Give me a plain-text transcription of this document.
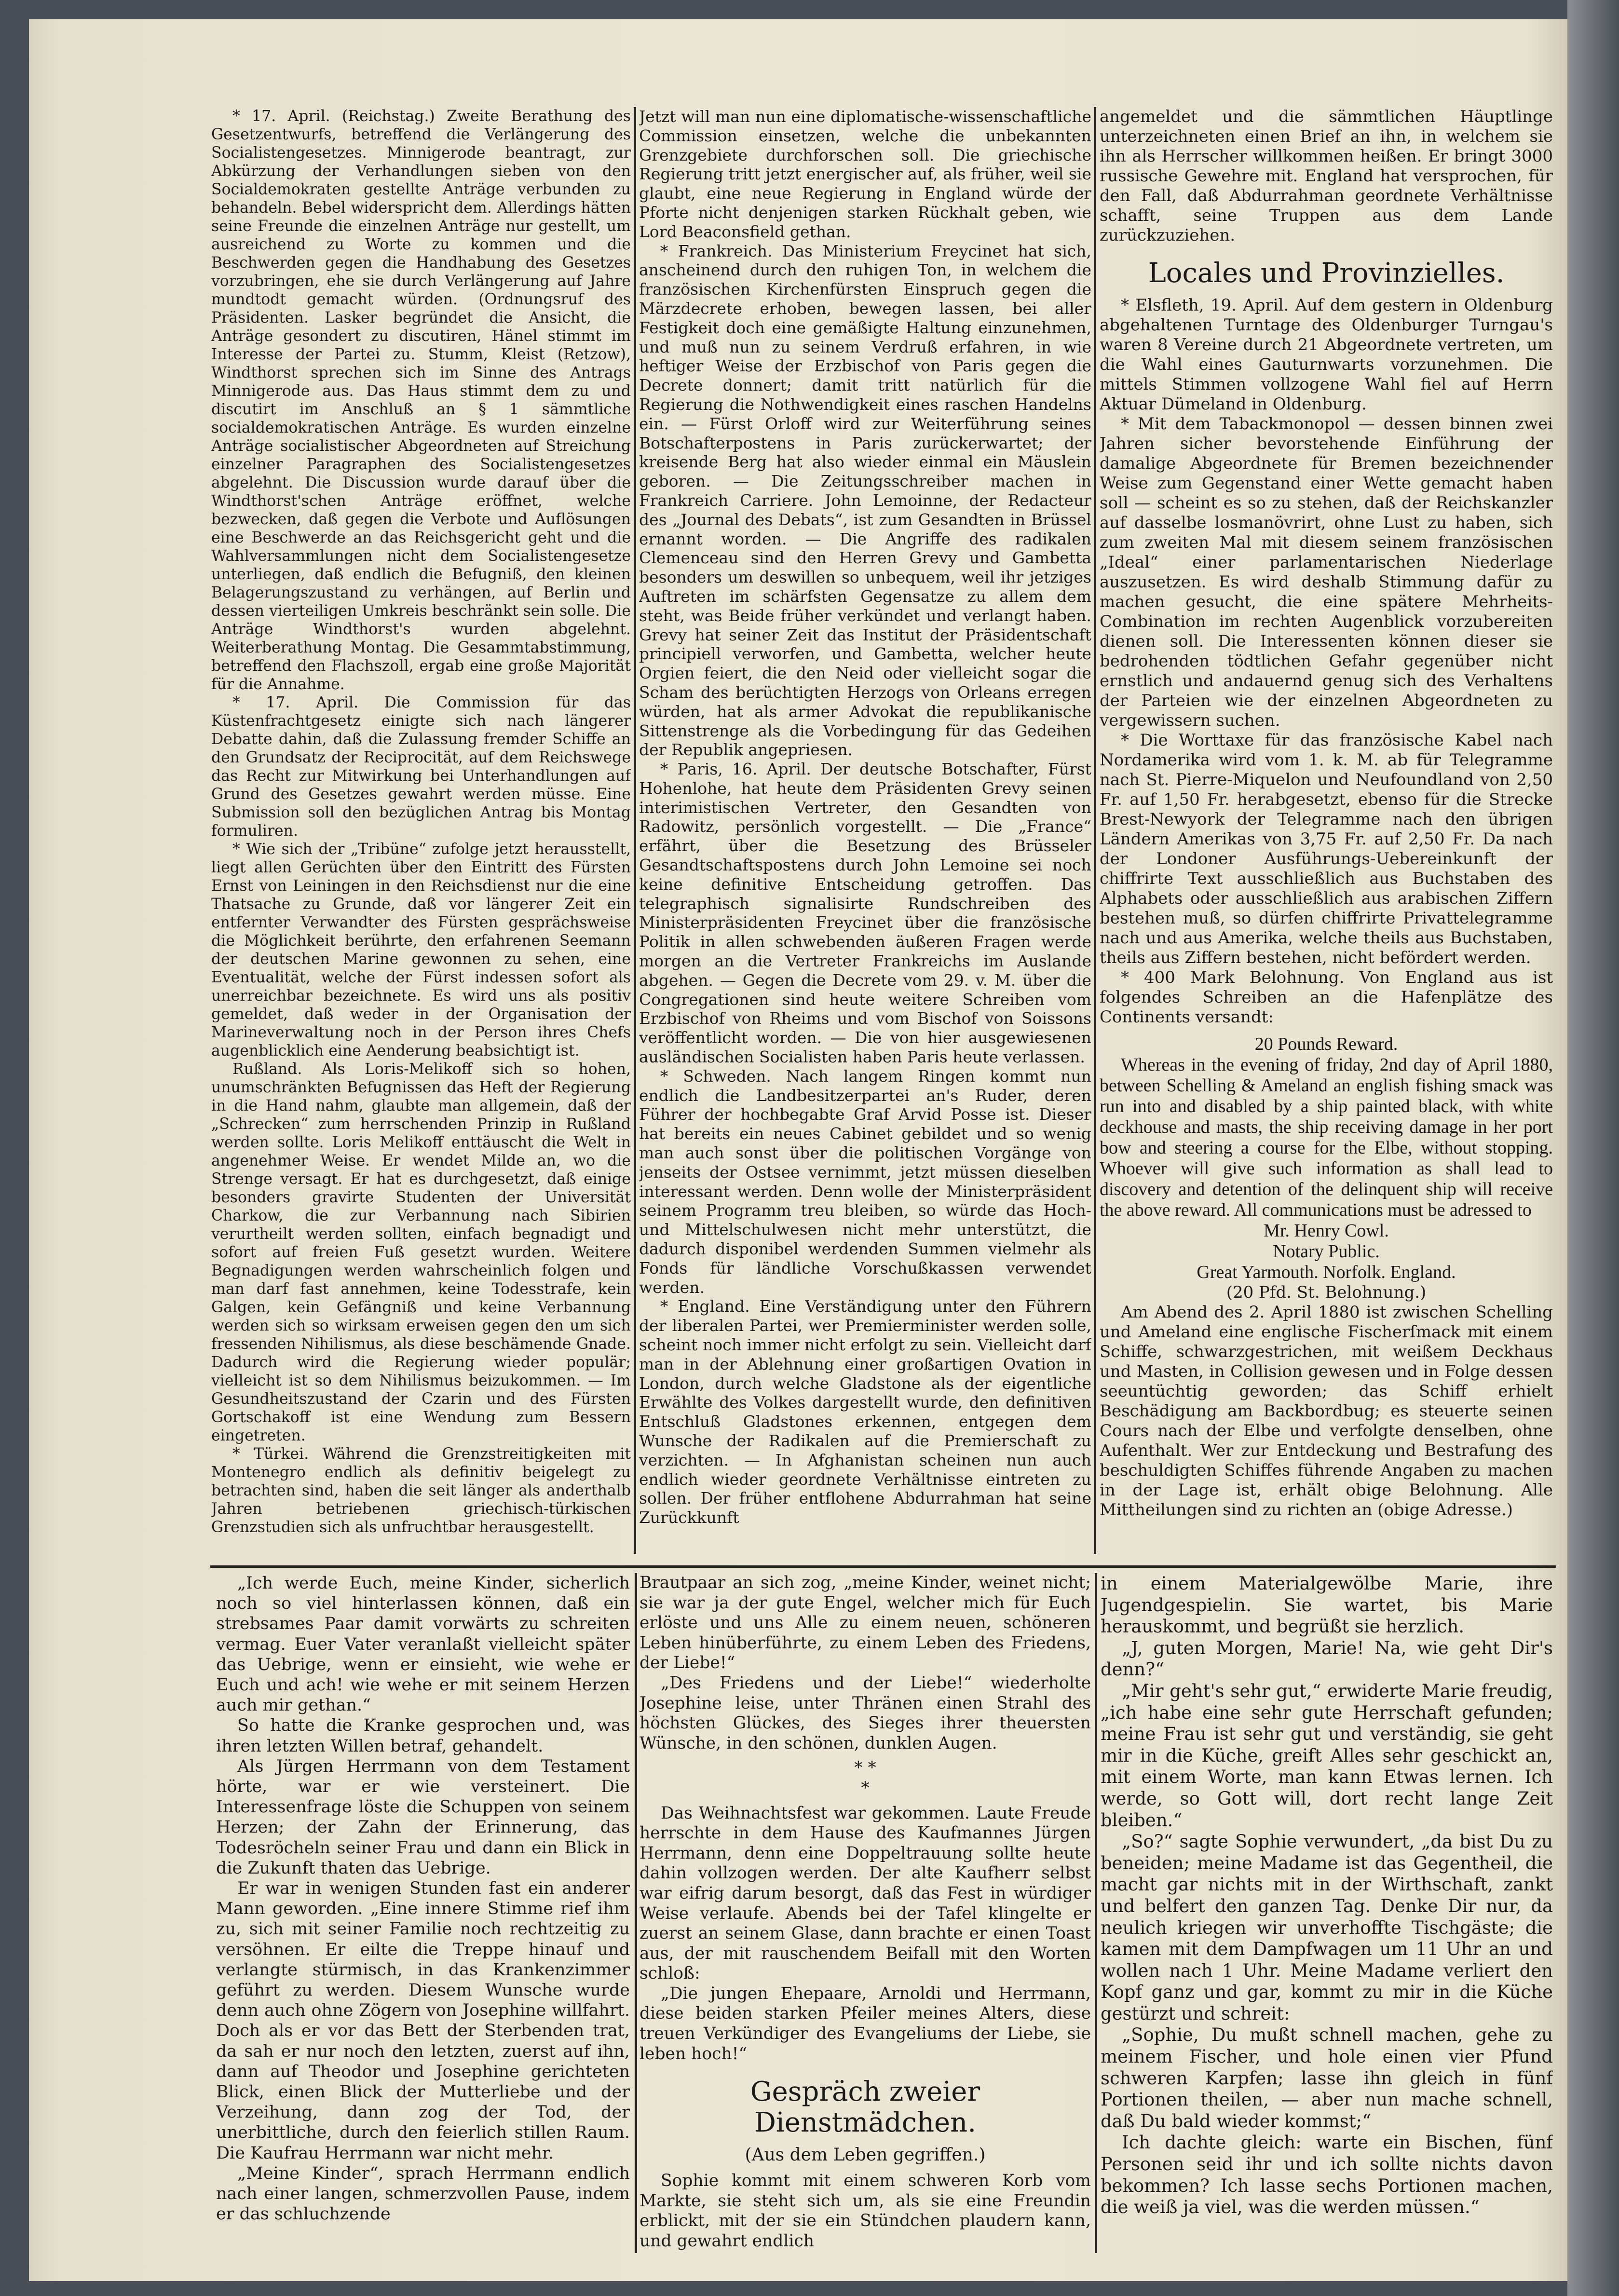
* 17. April. (Reichstag.) Zweite Berathung des Gesetzentwurfs, betreffend die Verlängerung des Socialistengesetzes. Minnigerode beantragt, zur Abkürzung der Verhandlungen sieben von den Socialdemokraten gestellte Anträge verbunden zu behandeln. Bebel widerspricht dem. Allerdings hätten seine Freunde die einzelnen Anträge nur gestellt, um ausreichend zu Worte zu kommen und die Beschwerden gegen die Handhabung des Gesetzes vorzubringen, ehe sie durch Verlängerung auf Jahre mundtodt gemacht würden. (Ordnungsruf des Präsidenten. Lasker begründet die Ansicht, die Anträge gesondert zu discutiren, Hänel stimmt im Interesse der Partei zu. Stumm, Kleist (Retzow), Windthorst sprechen sich im Sinne des Antrags Minnigerode aus. Das Haus stimmt dem zu und discutirt im Anschluß an § 1 sämmtliche socialdemokratischen Anträge. Es wurden einzelne Anträge socialistischer Abgeordneten auf Streichung einzelner Paragraphen des Socialistengesetzes abgelehnt. Die Discussion wurde darauf über die Windthorst'schen Anträge eröffnet, welche bezwecken, daß gegen die Verbote und Auflösungen eine Beschwerde an das Reichsgericht geht und die Wahlversammlungen nicht dem Socialistengesetze unterliegen, daß endlich die Befugniß, den kleinen Belagerungszustand zu verhängen, auf Berlin und dessen vierteiligen Umkreis beschränkt sein solle. Die Anträge Windthorst's wurden abgelehnt. Weiterberathung Montag. Die Gesammtabstimmung, betreffend den Flachszoll, ergab eine große Majorität für die Annahme.

* 17. April. Die Commission für das Küstenfrachtgesetz einigte sich nach längerer Debatte dahin, daß die Zulassung fremder Schiffe an den Grundsatz der Reciprocität, auf dem Reichswege das Recht zur Mitwirkung bei Unterhandlungen auf Grund des Gesetzes gewahrt werden müsse. Eine Submission soll den bezüglichen Antrag bis Montag formuliren.

* Wie sich der „Tribüne“ zufolge jetzt herausstellt, liegt allen Gerüchten über den Eintritt des Fürsten Ernst von Leiningen in den Reichsdienst nur die eine Thatsache zu Grunde, daß vor längerer Zeit ein entfernter Verwandter des Fürsten gesprächsweise die Möglichkeit berührte, den erfahrenen Seemann der deutschen Marine gewonnen zu sehen, eine Eventualität, welche der Fürst indessen sofort als unerreichbar bezeichnete. Es wird uns als positiv gemeldet, daß weder in der Organisation der Marineverwaltung noch in der Person ihres Chefs augenblicklich eine Aenderung beabsichtigt ist.

Rußland. Als Loris-Melikoff sich so hohen, unumschränkten Befugnissen das Heft der Regierung in die Hand nahm, glaubte man allgemein, daß der „Schrecken“ zum herrschenden Prinzip in Rußland werden sollte. Loris Melikoff enttäuscht die Welt in angenehmer Weise. Er wendet Milde an, wo die Strenge versagt. Er hat es durchgesetzt, daß einige besonders gravirte Studenten der Universität Charkow, die zur Verbannung nach Sibirien verurtheilt werden sollten, einfach begnadigt und sofort auf freien Fuß gesetzt wurden. Weitere Begnadigungen werden wahrscheinlich folgen und man darf fast annehmen, keine Todesstrafe, kein Galgen, kein Gefängniß und keine Verbannung werden sich so wirksam erweisen gegen den um sich fressenden Nihilismus, als diese beschämende Gnade. Dadurch wird die Regierung wieder populär; vielleicht ist so dem Nihilismus beizukommen. — Im Gesundheitszustand der Czarin und des Fürsten Gortschakoff ist eine Wendung zum Bessern eingetreten.

* Türkei. Während die Grenzstreitigkeiten mit Montenegro endlich als definitiv beigelegt zu betrachten sind, haben die seit länger als anderthalb Jahren betriebenen griechisch-türkischen Grenzstudien sich als unfruchtbar herausgestellt.

Jetzt will man nun eine diplomatische-wissenschaftliche Commission einsetzen, welche die unbekannten Grenzgebiete durchforschen soll. Die griechische Regierung tritt jetzt energischer auf, als früher, weil sie glaubt, eine neue Regierung in England würde der Pforte nicht denjenigen starken Rückhalt geben, wie Lord Beaconsfield gethan.

* Frankreich. Das Ministerium Freycinet hat sich, anscheinend durch den ruhigen Ton, in welchem die französischen Kirchenfürsten Einspruch gegen die Märzdecrete erhoben, bewegen lassen, bei aller Festigkeit doch eine gemäßigte Haltung einzunehmen, und muß nun zu seinem Verdruß erfahren, in wie heftiger Weise der Erzbischof von Paris gegen die Decrete donnert; damit tritt natürlich für die Regierung die Nothwendigkeit eines raschen Handelns ein. — Fürst Orloff wird zur Weiterführung seines Botschafterpostens in Paris zurückerwartet; der kreisende Berg hat also wieder einmal ein Mäuslein geboren. — Die Zeitungsschreiber machen in Frankreich Carriere. John Lemoinne, der Redacteur des „Journal des Debats“, ist zum Gesandten in Brüssel ernannt worden. — Die Angriffe des radikalen Clemenceau sind den Herren Grevy und Gambetta besonders um deswillen so unbequem, weil ihr jetziges Auftreten im schärfsten Gegensatze zu allem dem steht, was Beide früher verkündet und verlangt haben. Grevy hat seiner Zeit das Institut der Präsidentschaft principiell verworfen, und Gambetta, welcher heute Orgien feiert, die den Neid oder vielleicht sogar die Scham des berüchtigten Herzogs von Orleans erregen würden, hat als armer Advokat die republikanische Sittenstrenge als die Vorbedingung für das Gedeihen der Republik angepriesen.

* Paris, 16. April. Der deutsche Botschafter, Fürst Hohenlohe, hat heute dem Präsidenten Grevy seinen interimistischen Vertreter, den Gesandten von Radowitz, persönlich vorgestellt. — Die „France“ erfährt, über die Besetzung des Brüsseler Gesandtschaftspostens durch John Lemoine sei noch keine definitive Entscheidung getroffen. Das telegraphisch signalisirte Rundschreiben des Ministerpräsidenten Freycinet über die französische Politik in allen schwebenden äußeren Fragen werde morgen an die Vertreter Frankreichs im Auslande abgehen. — Gegen die Decrete vom 29. v. M. über die Congregationen sind heute weitere Schreiben vom Erzbischof von Rheims und vom Bischof von Soissons veröffentlicht worden. — Die von hier ausgewiesenen ausländischen Socialisten haben Paris heute verlassen.

* Schweden. Nach langem Ringen kommt nun endlich die Landbesitzerpartei an's Ruder, deren Führer der hochbegabte Graf Arvid Posse ist. Dieser hat bereits ein neues Cabinet gebildet und so wenig man auch sonst über die politischen Vorgänge von jenseits der Ostsee vernimmt, jetzt müssen dieselben interessant werden. Denn wolle der Ministerpräsident seinem Programm treu bleiben, so würde das Hoch- und Mittelschulwesen nicht mehr unterstützt, die dadurch disponibel werdenden Summen vielmehr als Fonds für ländliche Vorschußkassen verwendet werden.

* England. Eine Verständigung unter den Führern der liberalen Partei, wer Premierminister werden solle, scheint noch immer nicht erfolgt zu sein. Vielleicht darf man in der Ablehnung einer großartigen Ovation in London, durch welche Gladstone als der eigentliche Erwählte des Volkes dargestellt wurde, den definitiven Entschluß Gladstones erkennen, entgegen dem Wunsche der Radikalen auf die Premierschaft zu verzichten. — In Afghanistan scheinen nun auch endlich wieder geordnete Verhältnisse eintreten zu sollen. Der früher entflohene Abdurrahman hat seine Zurückkunft

angemeldet und die sämmtlichen Häuptlinge unterzeichneten einen Brief an ihn, in welchem sie ihn als Herrscher willkommen heißen. Er bringt 3000 russische Gewehre mit. England hat versprochen, für den Fall, daß Abdurrahman geordnete Verhältnisse schafft, seine Truppen aus dem Lande zurückzuziehen.

Locales und Provinzielles.

* Elsfleth, 19. April. Auf dem gestern in Oldenburg abgehaltenen Turntage des Oldenburger Turngau's waren 8 Vereine durch 21 Abgeordnete vertreten, um die Wahl eines Gauturnwarts vorzunehmen. Die mittels Stimmen vollzogene Wahl fiel auf Herrn Aktuar Dümeland in Oldenburg.

* Mit dem Tabackmonopol — dessen binnen zwei Jahren sicher bevorstehende Einführung der damalige Abgeordnete für Bremen bezeichnender Weise zum Gegenstand einer Wette gemacht haben soll — scheint es so zu stehen, daß der Reichskanzler auf dasselbe losmanövrirt, ohne Lust zu haben, sich zum zweiten Mal mit diesem seinem französischen „Ideal“ einer parlamentarischen Niederlage auszusetzen. Es wird deshalb Stimmung dafür zu machen gesucht, die eine spätere Mehrheits-Combination im rechten Augenblick vorzubereiten dienen soll. Die Interessenten können dieser sie bedrohenden tödtlichen Gefahr gegenüber nicht ernstlich und andauernd genug sich des Verhaltens der Parteien wie der einzelnen Abgeordneten zu vergewissern suchen.

* Die Worttaxe für das französische Kabel nach Nordamerika wird vom 1. k. M. ab für Telegramme nach St. Pierre-Miquelon und Neufoundland von 2,50 Fr. auf 1,50 Fr. herabgesetzt, ebenso für die Strecke Brest-Newyork der Telegramme nach den übrigen Ländern Amerikas von 3,75 Fr. auf 2,50 Fr. Da nach der Londoner Ausführungs-Uebereinkunft der chiffrirte Text ausschließlich aus Buchstaben des Alphabets oder ausschließlich aus arabischen Ziffern bestehen muß, so dürfen chiffrirte Privattelegramme nach und aus Amerika, welche theils aus Buchstaben, theils aus Ziffern bestehen, nicht befördert werden.

* 400 Mark Belohnung. Von England aus ist folgendes Schreiben an die Hafenplätze des Continents versandt:

20 Pounds Reward.

Whereas in the evening of friday, 2nd day of April 1880, between Schelling & Ameland an english fishing smack was run into and disabled by a ship painted black, with white deckhouse and masts, the ship receiving damage in her port bow and steering a course for the Elbe, without stopping. Whoever will give such information as shall lead to discovery and detention of the delinquent ship will receive the above reward. All communications must be adressed to

Mr. Henry Cowl.

Notary Public.

Great Yarmouth. Norfolk. England.

(20 Pfd. St. Belohnung.)

Am Abend des 2. April 1880 ist zwischen Schelling und Ameland eine englische Fischerſmack mit einem Schiffe, schwarzgestrichen, mit weißem Deckhaus und Masten, in Collision gewesen und in Folge dessen seeuntüchtig geworden; das Schiff erhielt Beschädigung am Backbordbug; es steuerte seinen Cours nach der Elbe und verfolgte denselben, ohne Aufenthalt. Wer zur Entdeckung und Bestrafung des beschuldigten Schiffes führende Angaben zu machen in der Lage ist, erhält obige Belohnung. Alle Mittheilungen sind zu richten an (obige Adresse.)

„Ich werde Euch, meine Kinder, sicherlich noch so viel hinterlassen können, daß ein strebsames Paar damit vorwärts zu schreiten vermag. Euer Vater veranlaßt vielleicht später das Uebrige, wenn er einsieht, wie wehe er Euch und ach! wie wehe er mit seinem Herzen auch mir gethan.“

So hatte die Kranke gesprochen und, was ihren letzten Willen betraf, gehandelt.

Als Jürgen Herrmann von dem Testament hörte, war er wie versteinert. Die Interessenfrage löste die Schuppen von seinem Herzen; der Zahn der Erinnerung, das Todesröcheln seiner Frau und dann ein Blick in die Zukunft thaten das Uebrige.

Er war in wenigen Stunden fast ein anderer Mann geworden. „Eine innere Stimme rief ihm zu, sich mit seiner Familie noch rechtzeitig zu versöhnen. Er eilte die Treppe hinauf und verlangte stürmisch, in das Krankenzimmer geführt zu werden. Diesem Wunsche wurde denn auch ohne Zögern von Josephine willfahrt. Doch als er vor das Bett der Sterbenden trat, da sah er nur noch den letzten, zuerst auf ihn, dann auf Theodor und Josephine gerichteten Blick, einen Blick der Mutterliebe und der Verzeihung, dann zog der Tod, der unerbittliche, durch den feierlich stillen Raum. Die Kaufrau Herrmann war nicht mehr.

„Meine Kinder“, sprach Herrmann endlich nach einer langen, schmerzvollen Pause, indem er das schluchzende

Brautpaar an sich zog, „meine Kinder, weinet nicht; sie war ja der gute Engel, welcher mich für Euch erlöste und uns Alle zu einem neuen, schöneren Leben hinüberführte, zu einem Leben des Friedens, der Liebe!“

„Des Friedens und der Liebe!“ wiederholte Josephine leise, unter Thränen einen Strahl des höchsten Glückes, des Sieges ihrer theuersten Wünsche, in den schönen, dunklen Augen.

* *
*

Das Weihnachtsfest war gekommen. Laute Freude herrschte in dem Hause des Kaufmannes Jürgen Herrmann, denn eine Doppeltrauung sollte heute dahin vollzogen werden. Der alte Kaufherr selbst war eifrig darum besorgt, daß das Fest in würdiger Weise verlaufe. Abends bei der Tafel klingelte er zuerst an seinem Glase, dann brachte er einen Toast aus, der mit rauschendem Beifall mit den Worten schloß:

„Die jungen Ehepaare, Arnoldi und Herrmann, diese beiden starken Pfeiler meines Alters, diese treuen Verkündiger des Evangeliums der Liebe, sie leben hoch!“

Gespräch zweier Dienstmädchen.
(Aus dem Leben gegriffen.)

Sophie kommt mit einem schweren Korb vom Markte, sie steht sich um, als sie eine Freundin erblickt, mit der sie ein Stündchen plaudern kann, und gewahrt endlich

in einem Materialgewölbe Marie, ihre Jugendgespielin. Sie wartet, bis Marie herauskommt, und begrüßt sie herzlich.

„J, guten Morgen, Marie! Na, wie geht Dir's denn?“

„Mir geht's sehr gut,“ erwiderte Marie freudig, „ich habe eine sehr gute Herrschaft gefunden; meine Frau ist sehr gut und verständig, sie geht mir in die Küche, greift Alles sehr geschickt an, mit einem Worte, man kann Etwas lernen. Ich werde, so Gott will, dort recht lange Zeit bleiben.“

„So?“ sagte Sophie verwundert, „da bist Du zu beneiden; meine Madame ist das Gegentheil, die macht gar nichts mit in der Wirthschaft, zankt und belfert den ganzen Tag. Denke Dir nur, da neulich kriegen wir unverhoffte Tischgäste; die kamen mit dem Dampfwagen um 11 Uhr an und wollen nach 1 Uhr. Meine Madame verliert den Kopf ganz und gar, kommt zu mir in die Küche gestürzt und schreit:

„Sophie, Du mußt schnell machen, gehe zu meinem Fischer, und hole einen vier Pfund schweren Karpfen; lasse ihn gleich in fünf Portionen theilen, — aber nun mache schnell, daß Du bald wieder kommst;“

Ich dachte gleich: warte ein Bischen, fünf Personen seid ihr und ich sollte nichts davon bekommen? Ich lasse sechs Portionen machen, die weiß ja viel, was die werden müssen.“
